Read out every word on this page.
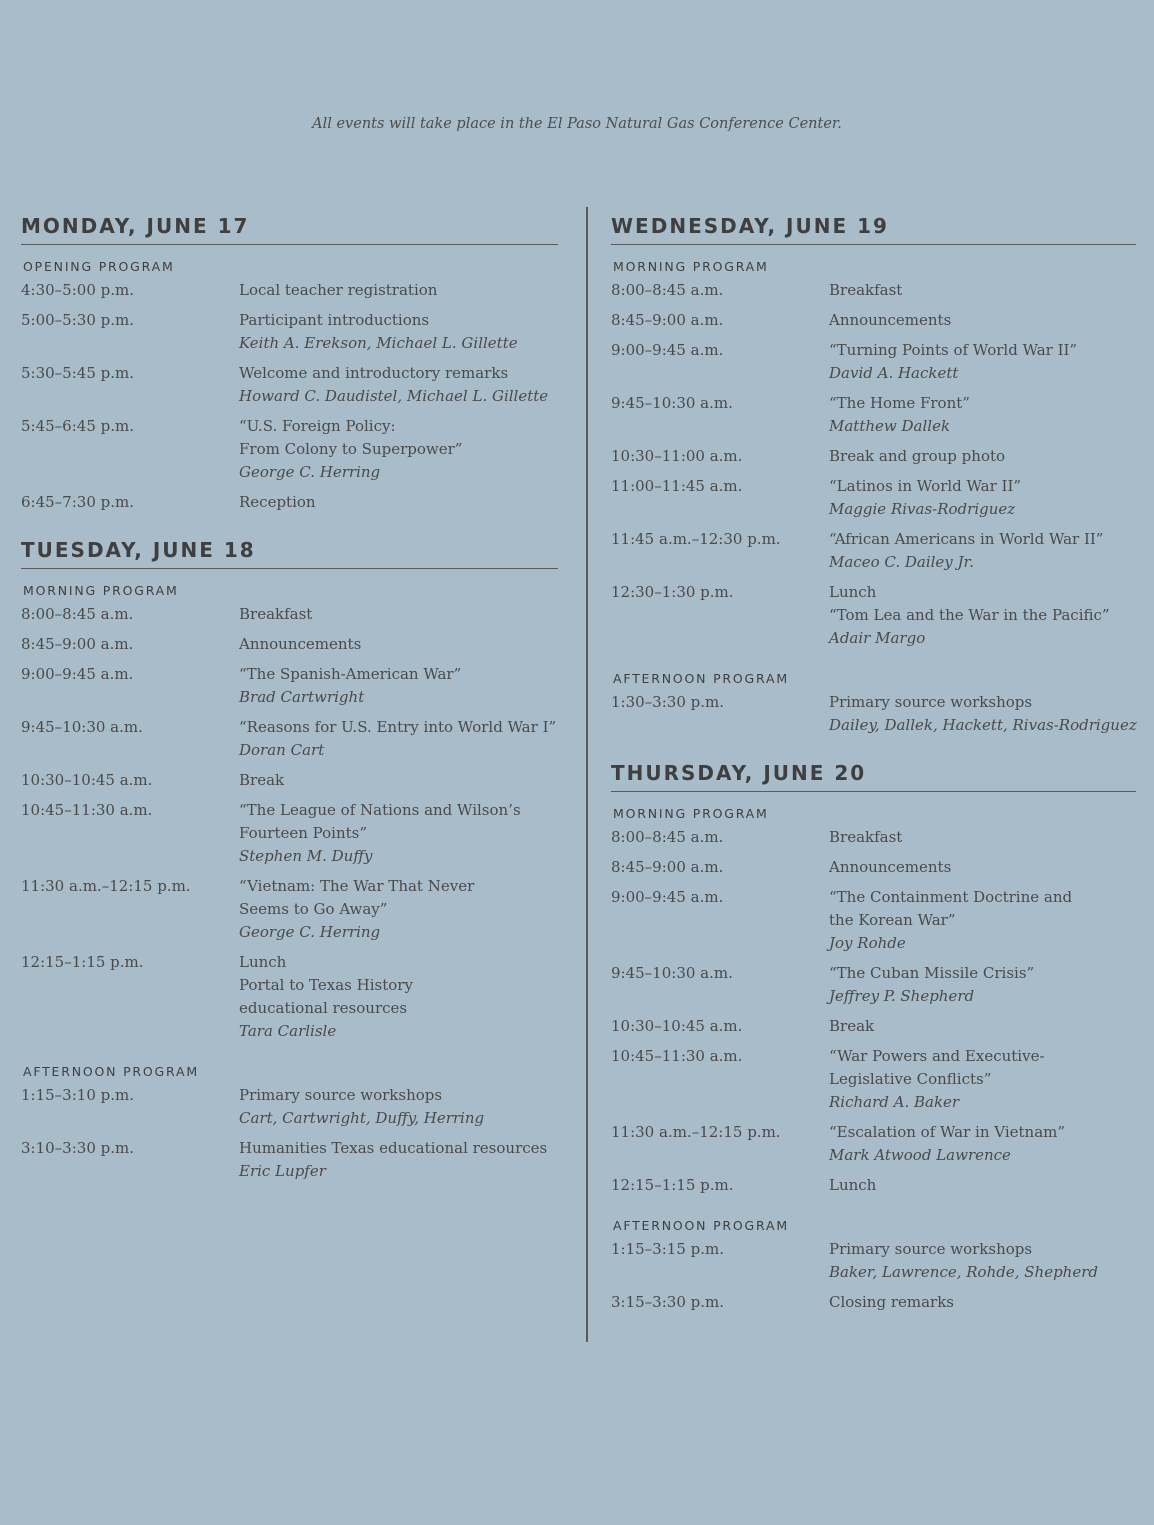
All events will take place in the El Paso Natural Gas Conference Center.
MONDAY, JUNE 17
OPENING PROGRAM
4:30–5:00 p.m.	Local teacher registration
5:00–5:30 p.m.	Participant introductions
Keith A. Erekson, Michael L. Gillette
5:30–5:45 p.m.	Welcome and introductory remarks
Howard C. Daudistel, Michael L. Gillette
5:45–6:45 p.m.	“U.S. Foreign Policy:
From Colony to Superpower”
George C. Herring
6:45–7:30 p.m.	Reception
TUESDAY, JUNE 18
MORNING PROGRAM
8:00–8:45 a.m.	Breakfast
8:45–9:00 a.m.	Announcements
9:00–9:45 a.m.	“The Spanish-American War”
Brad Cartwright
9:45–10:30 a.m.	“Reasons for U.S. Entry into World War I”
Doran Cart
10:30–10:45 a.m.	Break
10:45–11:30 a.m.	“The League of Nations and Wilson’s
Fourteen Points”
Stephen M. Duffy
11:30 a.m.–12:15 p.m.	“Vietnam: The War That Never
Seems to Go Away”
George C. Herring
12:15–1:15 p.m.	Lunch
Portal to Texas History
educational resources
Tara Carlisle
AFTERNOON PROGRAM
1:15–3:10 p.m.	Primary source workshops
Cart, Cartwright, Duffy, Herring
3:10–3:30 p.m.	Humanities Texas educational resources
Eric Lupfer
WEDNESDAY, JUNE 19
MORNING PROGRAM
8:00–8:45 a.m.	Breakfast
8:45–9:00 a.m.	Announcements
9:00–9:45 a.m.	“Turning Points of World War II”
David A. Hackett
9:45–10:30 a.m.	“The Home Front”
Matthew Dallek
10:30–11:00 a.m.	Break and group photo
11:00–11:45 a.m.	“Latinos in World War II”
Maggie Rivas-Rodriguez
11:45 a.m.–12:30 p.m.	“African Americans in World War II”
Maceo C. Dailey Jr.
12:30–1:30 p.m.	Lunch
“Tom Lea and the War in the Pacific”
Adair Margo
AFTERNOON PROGRAM
1:30–3:30 p.m.	Primary source workshops
Dailey, Dallek, Hackett, Rivas-Rodriguez
THURSDAY, JUNE 20
MORNING PROGRAM
8:00–8:45 a.m.	Breakfast
8:45–9:00 a.m.	Announcements
9:00–9:45 a.m.	“The Containment Doctrine and
the Korean War”
Joy Rohde
9:45–10:30 a.m.	“The Cuban Missile Crisis”
Jeffrey P. Shepherd
10:30–10:45 a.m.	Break
10:45–11:30 a.m.	“War Powers and Executive-
Legislative Conflicts”
Richard A. Baker
11:30 a.m.–12:15 p.m.	“Escalation of War in Vietnam”
Mark Atwood Lawrence
12:15–1:15 p.m.	Lunch
AFTERNOON PROGRAM
1:15–3:15 p.m.	Primary source workshops
Baker, Lawrence, Rohde, Shepherd
3:15–3:30 p.m.	Closing remarks
